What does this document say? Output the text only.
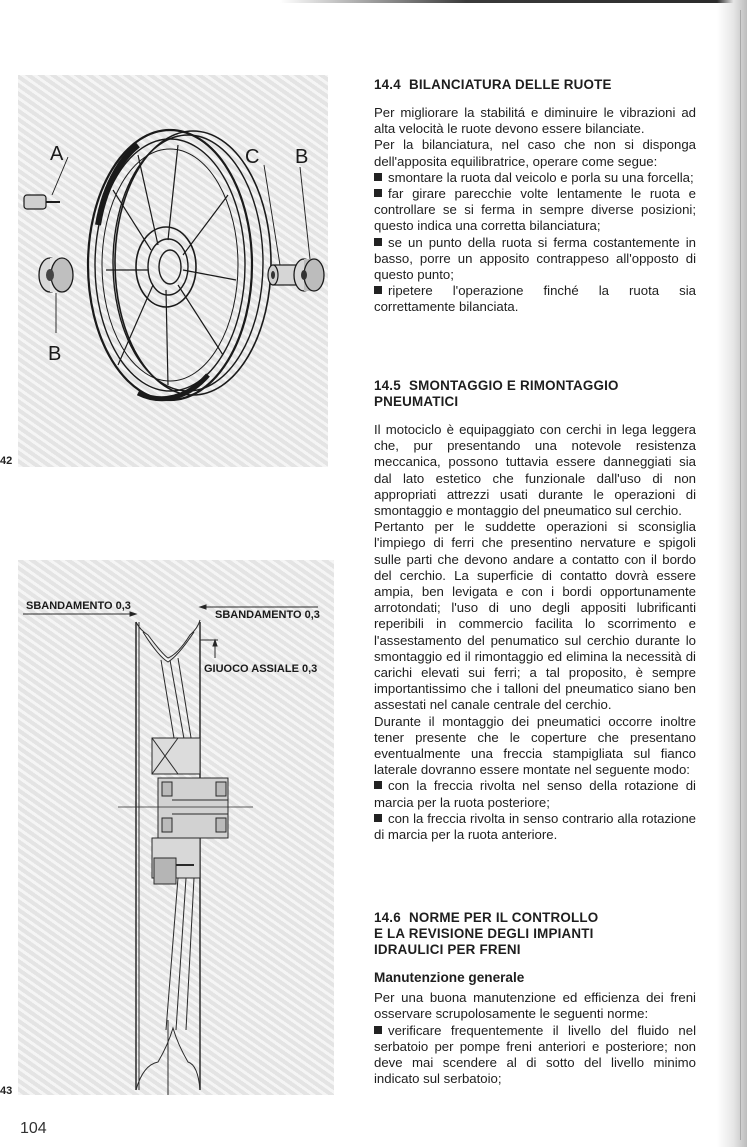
A
B
C B
42
SBANDAMENTO 0,3
SBANDAMENTO 0,3
GIUOCO ASSIALE 0,3
43
14.4 BILANCIATURA DELLE RUOTE

Per migliorare la stabilitá e diminuire le vibrazioni ad alta velocità le ruote devono essere bilanciate.

Per la bilanciatura, nel caso che non si disponga dell'apposita equilibratrice, operare come segue:

smontare la ruota dal veicolo e porla su una forcella;

far girare parecchie volte lentamente le ruota e controllare se si ferma in sempre diverse posizioni; questo indica una corretta bilanciatura;

se un punto della ruota si ferma costantemente in basso, porre un apposito contrappeso all'opposto di questo punto;

ripetere l'operazione finché la ruota sia correttamente bilanciata.

14.5 SMONTAGGIO E RIMONTAGGIO
PNEUMATICI

Il motociclo è equipaggiato con cerchi in lega leggera che, pur presentando una notevole resistenza meccanica, possono tuttavia essere danneggiati sia dal lato estetico che funzionale dall'uso di non appropriati attrezzi usati durante le operazioni di smontaggio e montaggio del pneumatico sul cerchio.

Pertanto per le suddette operazioni si sconsiglia l'impiego di ferri che presentino nervature e spigoli sulle parti che devono andare a contatto con il bordo del cerchio. La superficie di contatto dovrà essere ampia, ben levigata e con i bordi opportunamente arrotondati; l'uso di uno degli appositi lubrificanti reperibili in commercio facilita lo scorrimento e l'assestamento del penumatico sul cerchio durante lo smontaggio ed il rimontaggio ed elimina la necessità di carichi elevati sui ferri; a tal proposito, è sempre importantissimo che i talloni del pneumatico siano ben assestati nel canale centrale del cerchio.

Durante il montaggio dei pneumatici occorre inoltre tener presente che le coperture che presentano eventualmente una freccia stampigliata sul fianco laterale dovranno essere montate nel seguente modo:

con la freccia rivolta nel senso della rotazione di marcia per la ruota posteriore;

con la freccia rivolta in senso contrario alla rotazione di marcia per la ruota anteriore.

14.6 NORME PER IL CONTROLLO
E LA REVISIONE DEGLI IMPIANTI
IDRAULICI PER FRENI
Manutenzione generale

Per una buona manutenzione ed efficienza dei freni osservare scrupolosamente le seguenti norme:

verificare frequentemente il livello del fluido nel serbatoio per pompe freni anteriori e posteriore; non deve mai scendere al di sotto del livello minimo indicato sul serbatoio;

104
